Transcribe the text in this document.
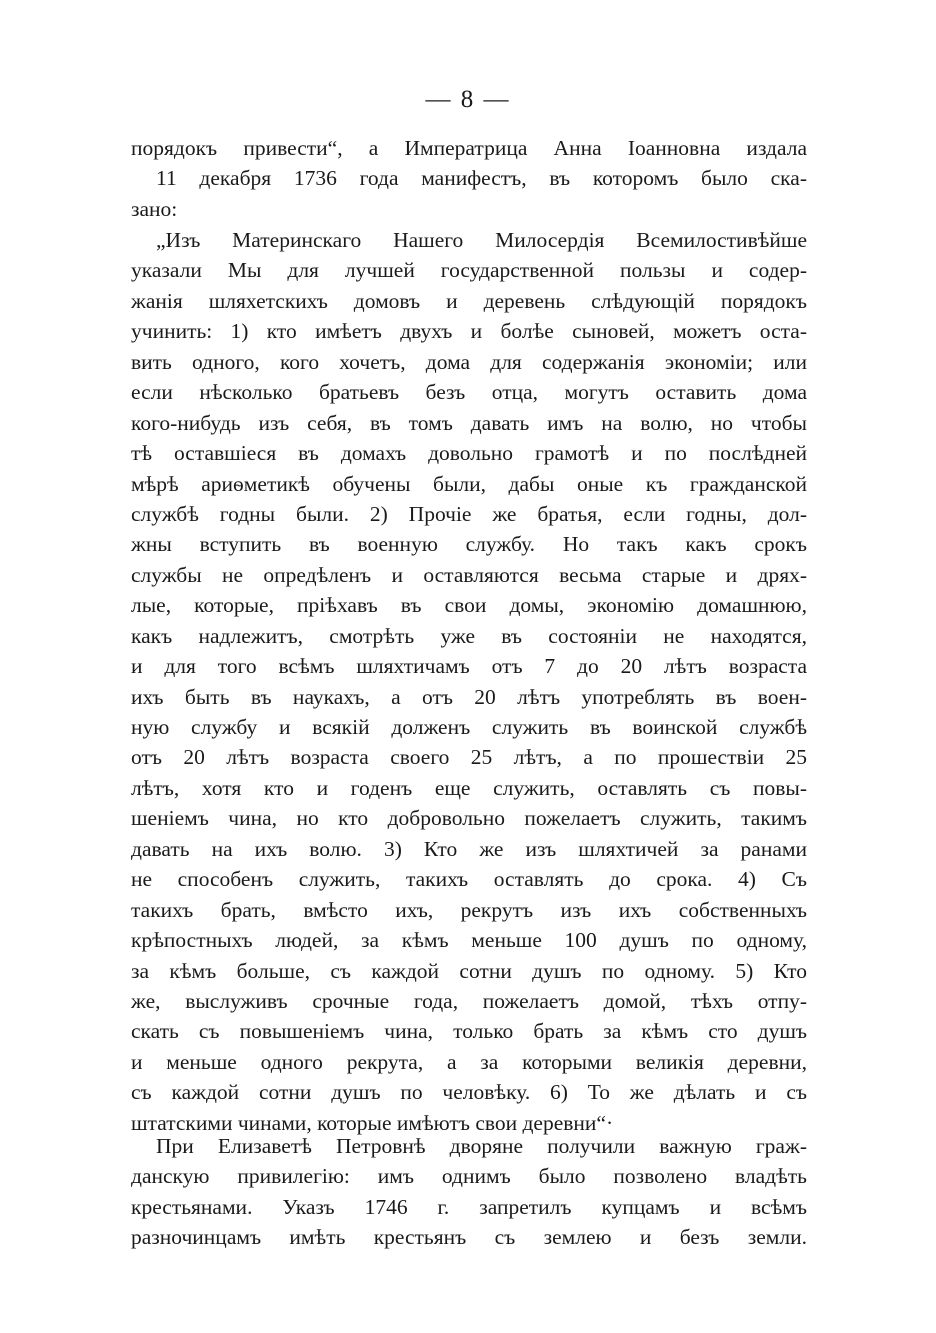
— 8 —
порядокъ привести“, а Императрица Анна Іоанновна издала
11 декабря 1736 года манифестъ, въ которомъ было ска-
зано:
„Изъ Материнскаго Нашего Милосердія Всемилостивѣйше
указали Мы для лучшей государственной пользы и содер-
жанія шляхетскихъ домовъ и деревень слѣдующій порядокъ
учинить: 1) кто имѣетъ двухъ и болѣе сыновей, можетъ оста-
вить одного, кого хочетъ, дома для содержанія экономіи; или
если нѣсколько братьевъ безъ отца, могутъ оставить дома
кого-нибудь изъ себя, въ томъ давать имъ на волю, но чтобы
тѣ оставшіеся въ домахъ довольно грамотѣ и по послѣдней
мѣрѣ ариѳметикѣ обучены были, дабы оные къ гражданской
службѣ годны были. 2) Прочіе же братья, если годны, дол-
жны вступить въ военную службу. Но такъ какъ срокъ
службы не опредѣленъ и оставляются весьма старые и дрях-
лые, которые, пріѣхавъ въ свои домы, экономію домашнюю,
какъ надлежитъ, смотрѣть уже въ состояніи не находятся,
и для того всѣмъ шляхтичамъ отъ 7 до 20 лѣтъ возраста
ихъ быть въ наукахъ, а отъ 20 лѣтъ употреблять въ воен-
ную службу и всякій долженъ служить въ воинской службѣ
отъ 20 лѣтъ возраста своего 25 лѣтъ, а по прошествіи 25
лѣтъ, хотя кто и годенъ еще служить, оставлять съ повы-
шеніемъ чина, но кто добровольно пожелаетъ служить, такимъ
давать на ихъ волю. 3) Кто же изъ шляхтичей за ранами
не способенъ служить, такихъ оставлять до срока. 4) Съ
такихъ брать, вмѣсто ихъ, рекрутъ изъ ихъ собственныхъ
крѣпостныхъ людей, за кѣмъ меньше 100 душъ по одному,
за кѣмъ больше, съ каждой сотни душъ по одному. 5) Кто
же, выслуживъ срочные года, пожелаетъ домой, тѣхъ отпу-
скать съ повышеніемъ чина, только брать за кѣмъ сто душъ
и меньше одного рекрута, а за которыми великія деревни,
съ каждой сотни душъ по человѣку. 6) То же дѣлать и съ
штатскими чинами, которые имѣютъ свои деревни“·
При Елизаветѣ Петровнѣ дворяне получили важную граж-
данскую привилегію: имъ однимъ было позволено владѣть
крестьянами. Указъ 1746 г. запретилъ купцамъ и всѣмъ
разночинцамъ имѣть крестьянъ съ землею и безъ земли.
